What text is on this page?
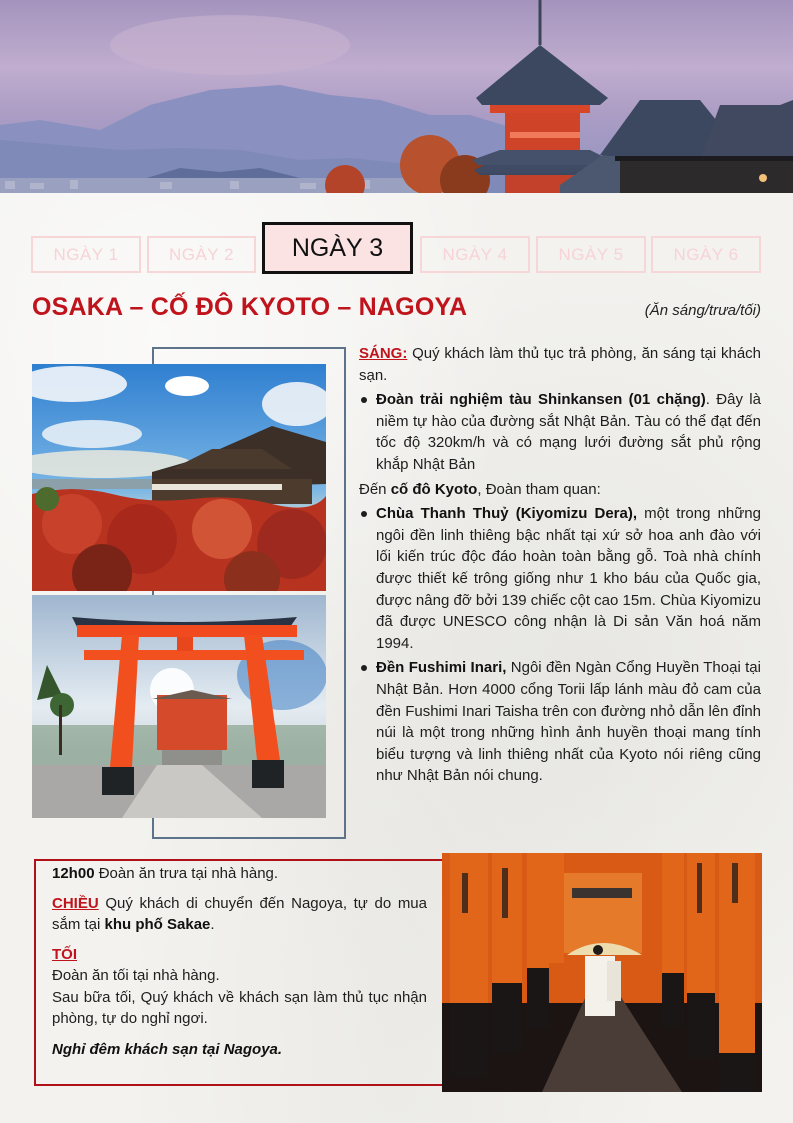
NGÀY 1	NGÀY 2	NGÀY 3	NGÀY 4	NGÀY 5	NGÀY 6
OSAKA – CỐ ĐÔ KYOTO – NAGOYA	(Ăn sáng/trưa/tối)

SÁNG: Quý khách làm thủ tục trả phòng, ăn sáng tại khách sạn.

Đoàn trải nghiệm tàu Shinkansen (01 chặng). Đây là niềm tự hào của đường sắt Nhật Bản. Tàu có thể đạt đến tốc độ 320km/h và có mạng lưới đường sắt phủ rộng khắp Nhật Bản

Đến cố đô Kyoto, Đoàn tham quan:

Chùa Thanh Thuỷ (Kiyomizu Dera), một trong những ngôi đền linh thiêng bậc nhất tại xứ sở hoa anh đào với lối kiến trúc độc đáo hoàn toàn bằng gỗ. Toà nhà chính được thiết kế trông giống như 1 kho báu của Quốc gia, được nâng đỡ bởi 139 chiếc cột cao 15m. Chùa Kiyomizu đã được UNESCO công nhận là Di sản Văn hoá năm 1994.
Đền Fushimi Inari, Ngôi đền Ngàn Cổng Huyền Thoại tại Nhật Bản. Hơn 4000 cổng Torii lấp lánh màu đỏ cam của đền Fushimi Inari Taisha trên con đường nhỏ dẫn lên đỉnh núi là một trong những hình ảnh huyền thoại mang tính biểu tượng và linh thiêng nhất của Kyoto nói riêng cũng như Nhật Bản nói chung.

12h00 Đoàn ăn trưa tại nhà hàng.

CHIỀU Quý khách di chuyển đến Nagoya, tự do mua sắm tại khu phố Sakae.

TỐI

Đoàn ăn tối tại nhà hàng.

Sau bữa tối, Quý khách về khách sạn làm thủ tục nhận phòng, tự do nghỉ ngơi.

Nghỉ đêm khách sạn tại Nagoya.
